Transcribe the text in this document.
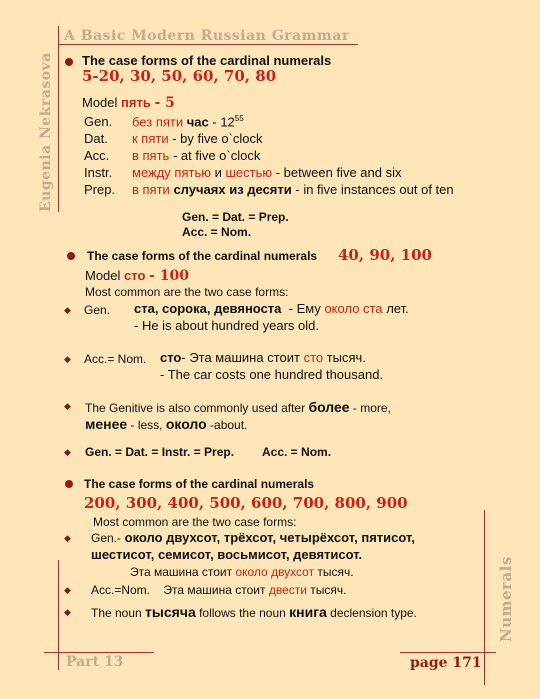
A Basic Modern Russian Grammar
Eugenia Nekrasova
Numerals
The case forms of the cardinal numerals
5-20, 30, 50, 60, 70, 80
Model пять - 5
Gen. без пяти час - $12^{55}$
Dat. к пяти - by five o`clock
Acc. в пять - at five o`clock
Instr. между пятью и шестью - between five and six
Prep. в пяти случаях из десяти - in five instances out of ten
Gen. = Dat. = Prep.
Acc. = Nom.
The case forms of the cardinal numerals 40, 90, 100
Model сто - 100
Most common are the two case forms:
◆ Gen. ста, сорока, девяноста - Ему около ста лет.
- He is about hundred years old.
◆ Acc.= Nom. сто- Эта машина стоит сто тысяч.
- The car costs one hundred thousand.
◆ The Genitive is also commonly used after более - more,
менее - less, около -about.
◆ Gen. = Dat. = Instr. = Prep. Acc. = Nom.
The case forms of the cardinal numerals
200, 300, 400, 500, 600, 700, 800, 900
Most common are the two case forms:
◆ Gen.- около двухсот, трёхсот, четырёхсот, пятисот,
шестисот, семисот, восьмисот, девятисот.
Эта машина стоит около двухсот тысяч.
◆ Acc.=Nom. Эта машина стоит двести тысяч.
◆ The noun тысяча follows the noun книга declension type.
Part 13	page 171
